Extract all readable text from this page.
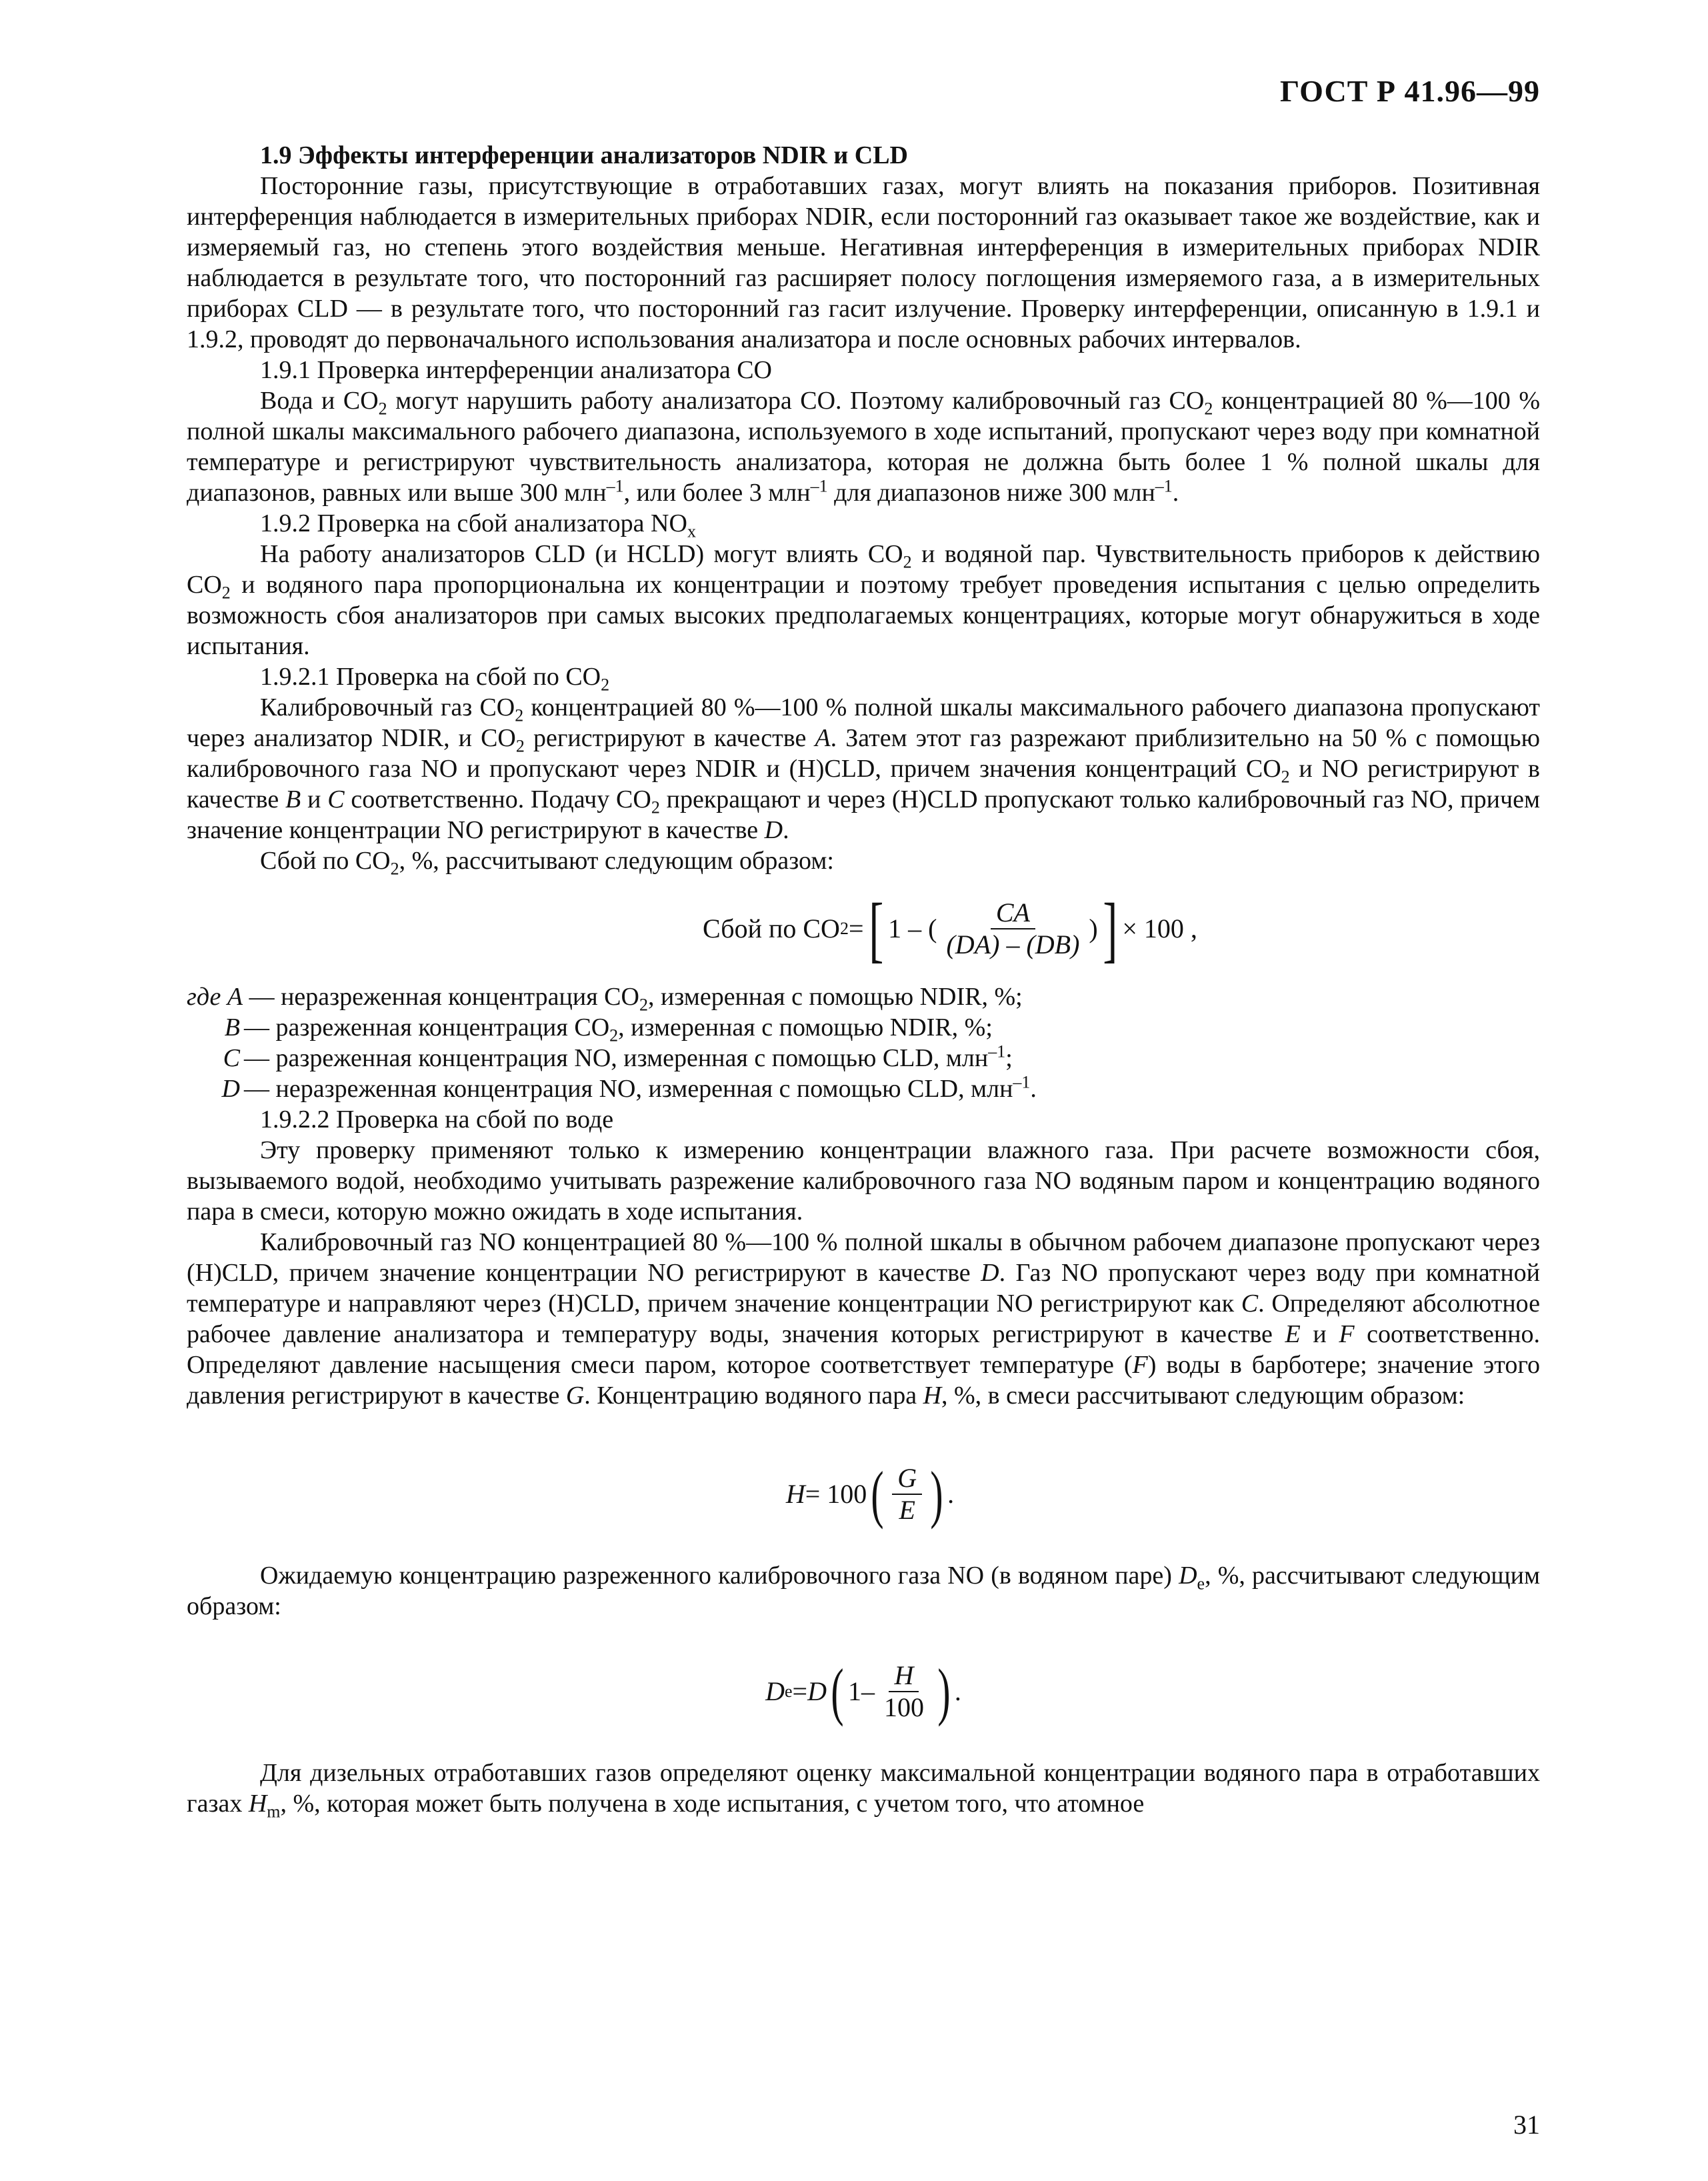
ГОСТ Р 41.96—99
1.9 Эффекты интерференции анализаторов NDIR и CLD

Посторонние газы, присутствующие в отработавших газах, могут влиять на показания приборов. Позитивная интерференция наблюдается в измерительных приборах NDIR, если посторонний газ оказывает такое же воздействие, как и измеряемый газ, но степень этого воздействия меньше. Негативная интерференция в измерительных приборах NDIR наблюдается в результате того, что посторонний газ расширяет полосу поглощения измеряемого газа, а в измерительных приборах CLD — в результате того, что посторонний газ гасит излучение. Проверку интерференции, описанную в 1.9.1 и 1.9.2, проводят до первоначального использования анализатора и после основных рабочих интервалов.

1.9.1 Проверка интерференции анализатора CO

Вода и $CO_2$ могут нарушить работу анализатора CO. Поэтому калибровочный газ $CO_2$ концентрацией 80 %—100 % полной шкалы максимального рабочего диапазона, используемого в ходе испытаний, пропускают через воду при комнатной температуре и регистрируют чувствительность анализатора, которая не должна быть более 1 % полной шкалы для диапазонов, равных или выше 300 млн$^{-1}$, или более 3 млн$^{-1}$ для диапазонов ниже 300 млн$^{-1}$.

1.9.2 Проверка на сбой анализатора $NO_x$

На работу анализаторов CLD (и HCLD) могут влиять $CO_2$ и водяной пар. Чувствительность приборов к действию $CO_2$ и водяного пара пропорциональна их концентрации и поэтому требует проведения испытания с целью определить возможность сбоя анализаторов при самых высоких предполагаемых концентрациях, которые могут обнаружиться в ходе испытания.

1.9.2.1 Проверка на сбой по $CO_2$

Калибровочный газ $CO_2$ концентрацией 80 %—100 % полной шкалы максимального рабочего диапазона пропускают через анализатор NDIR, и $CO_2$ регистрируют в качестве A. Затем этот газ разрежают приблизительно на 50 % с помощью калибровочного газа NO и пропускают через NDIR и (H)CLD, причем значения концентраций $CO_2$ и NO регистрируют в качестве B и C соответственно. Подачу $CO_2$ прекращают и через (H)CLD пропускают только калибровочный газ NO, причем значение концентрации NO регистрируют в качестве D.

Сбой по $CO_2$, %, рассчитывают следующим образом:

Сбой по CO 2 = [ 1 – ( $\frac{CA}{(DA) - (DB)}$ ) ] × 100 ,
где A — неразреженная концентрация $CO_2$, измеренная с помощью NDIR, %;
B — разреженная концентрация $CO_2$, измеренная с помощью NDIR, %;
C — разреженная концентрация NO, измеренная с помощью CLD, млн$^{-1}$;
D — неразреженная концентрация NO, измеренная с помощью CLD, млн$^{-1}$.

1.9.2.2 Проверка на сбой по воде

Эту проверку применяют только к измерению концентрации влажного газа. При расчете возможности сбоя, вызываемого водой, необходимо учитывать разрежение калибровочного газа NO водяным паром и концентрацию водяного пара в смеси, которую можно ожидать в ходе испытания.

Калибровочный газ NO концентрацией 80 %—100 % полной шкалы в обычном рабочем диапазоне пропускают через (H)CLD, причем значение концентрации NO регистрируют в качестве D. Газ NO пропускают через воду при комнатной температуре и направляют через (H)CLD, причем значение концентрации NO регистрируют как C. Определяют абсолютное рабочее давление анализатора и температуру воды, значения которых регистрируют в качестве E и F соответственно. Определяют давление насыщения смеси паром, которое соответствует температуре (F) воды в барботере; значение этого давления регистрируют в качестве G. Концентрацию водяного пара H, %, в смеси рассчитывают следующим образом:

H = 100 ( $\frac{G}{E}$ ) .

Ожидаемую концентрацию разреженного калибровочного газа NO (в водяном паре) $D_e$, %, рассчитывают следующим образом:

D e = D ( $1- \frac{H}{100}$ ) .

Для дизельных отработавших газов определяют оценку максимальной концентрации водяного пара в отработавших газах $H_m$, %, которая может быть получена в ходе испытания, с учетом того, что атомное

31
